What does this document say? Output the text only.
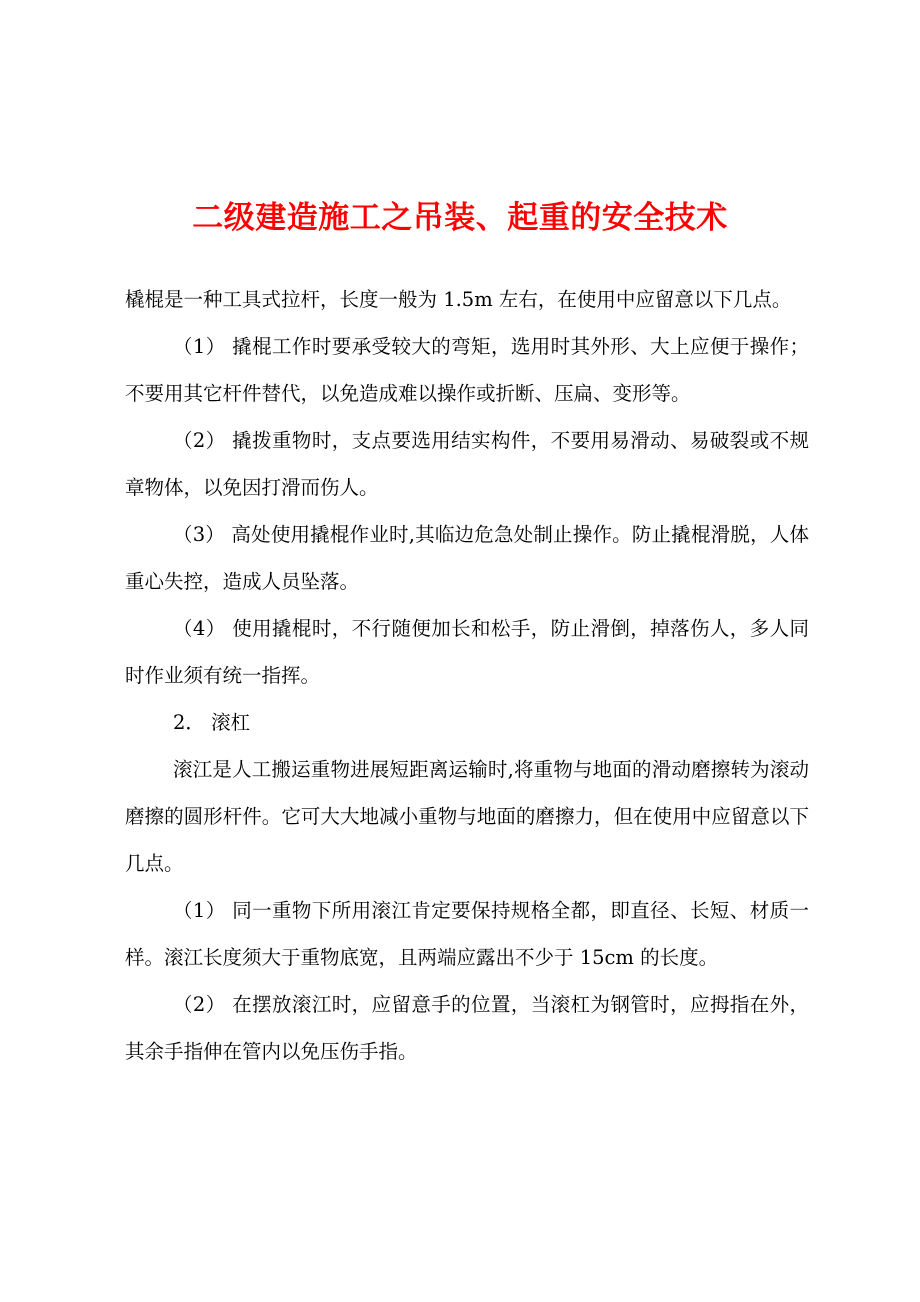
二级建造施工之吊装、起重的安全技术

橇棍是一种工具式拉杆，长度一般为 1.5m 左右，在使用中应留意以下几点。

（1） 撬棍工作时要承受较大的弯矩，选用时其外形、大上应便于操作；不要用其它杆件替代，以免造成难以操作或折断、压扁、变形等。

（2） 撬拨重物时，支点要选用结实构件，不要用易滑动、易破裂或不规章物体，以免因打滑而伤人。

（3） 高处使用撬棍作业时,其临边危急处制止操作。防止撬棍滑脱，人体重心失控，造成人员坠落。

（4） 使用撬棍时，不行随便加长和松手，防止滑倒，掉落伤人，多人同时作业须有统一指挥。

2． 滚杠

滚江是人工搬运重物进展短距离运输时,将重物与地面的滑动磨擦转为滚动磨擦的圆形杆件。它可大大地减小重物与地面的磨擦力，但在使用中应留意以下几点。

（1） 同一重物下所用滚江肯定要保持规格全都，即直径、长短、材质一样。滚江长度须大于重物底宽，且两端应露出不少于 15cm 的长度。

（2） 在摆放滚江时，应留意手的位置，当滚杠为钢管时，应拇指在外，其余手指伸在管内以免压伤手指。
